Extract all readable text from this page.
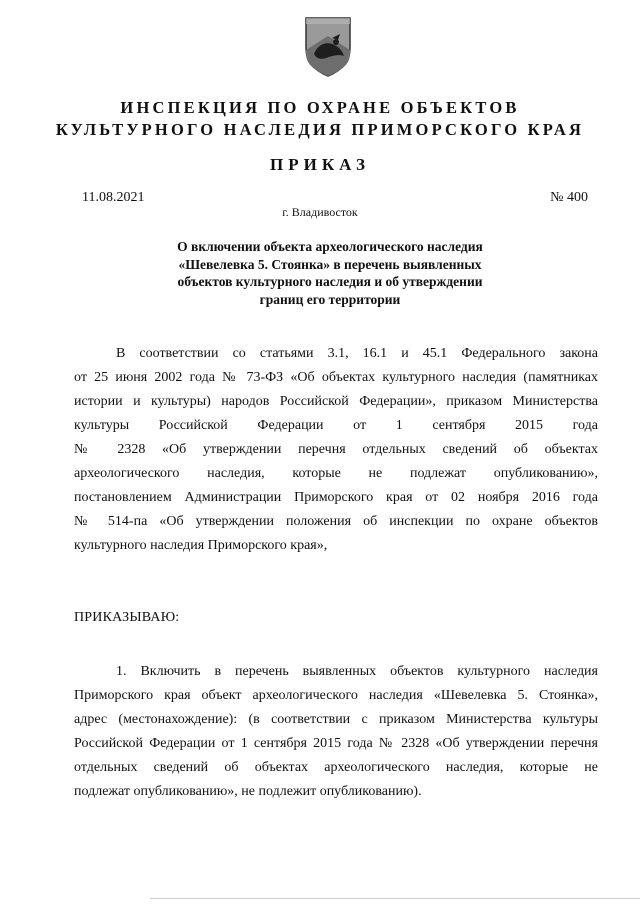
ИНСПЕКЦИЯ ПО ОХРАНЕ ОБЪЕКТОВ
КУЛЬТУРНОГО НАСЛЕДИЯ ПРИМОРСКОГО КРАЯ
ПРИКАЗ
11.08.2021	№ 400
г. Владивосток
О включении объекта археологического наследия
«Шевелевка 5. Стоянка» в перечень выявленных
объектов культурного наследия и об утверждении
границ его территории
В соответствии со статьями 3.1, 16.1 и 45.1 Федерального закона
от 25 июня 2002 года № 73-ФЗ «Об объектах культурного наследия (памятниках
истории и культуры) народов Российской Федерации», приказом Министерства
культуры Российской Федерации от 1 сентября 2015 года
№ 2328 «Об утверждении перечня отдельных сведений об объектах
археологического наследия, которые не подлежат опубликованию»,
постановлением Администрации Приморского края от 02 ноября 2016 года
№ 514-па «Об утверждении положения об инспекции по охране объектов
культурного наследия Приморского края»,
ПРИКАЗЫВАЮ:
1. Включить в перечень выявленных объектов культурного наследия
Приморского края объект археологического наследия «Шевелевка 5. Стоянка»,
адрес (местонахождение): (в соответствии с приказом Министерства культуры
Российской Федерации от 1 сентября 2015 года № 2328 «Об утверждении перечня
отдельных сведений об объектах археологического наследия, которые не
подлежат опубликованию», не подлежит опубликованию).
